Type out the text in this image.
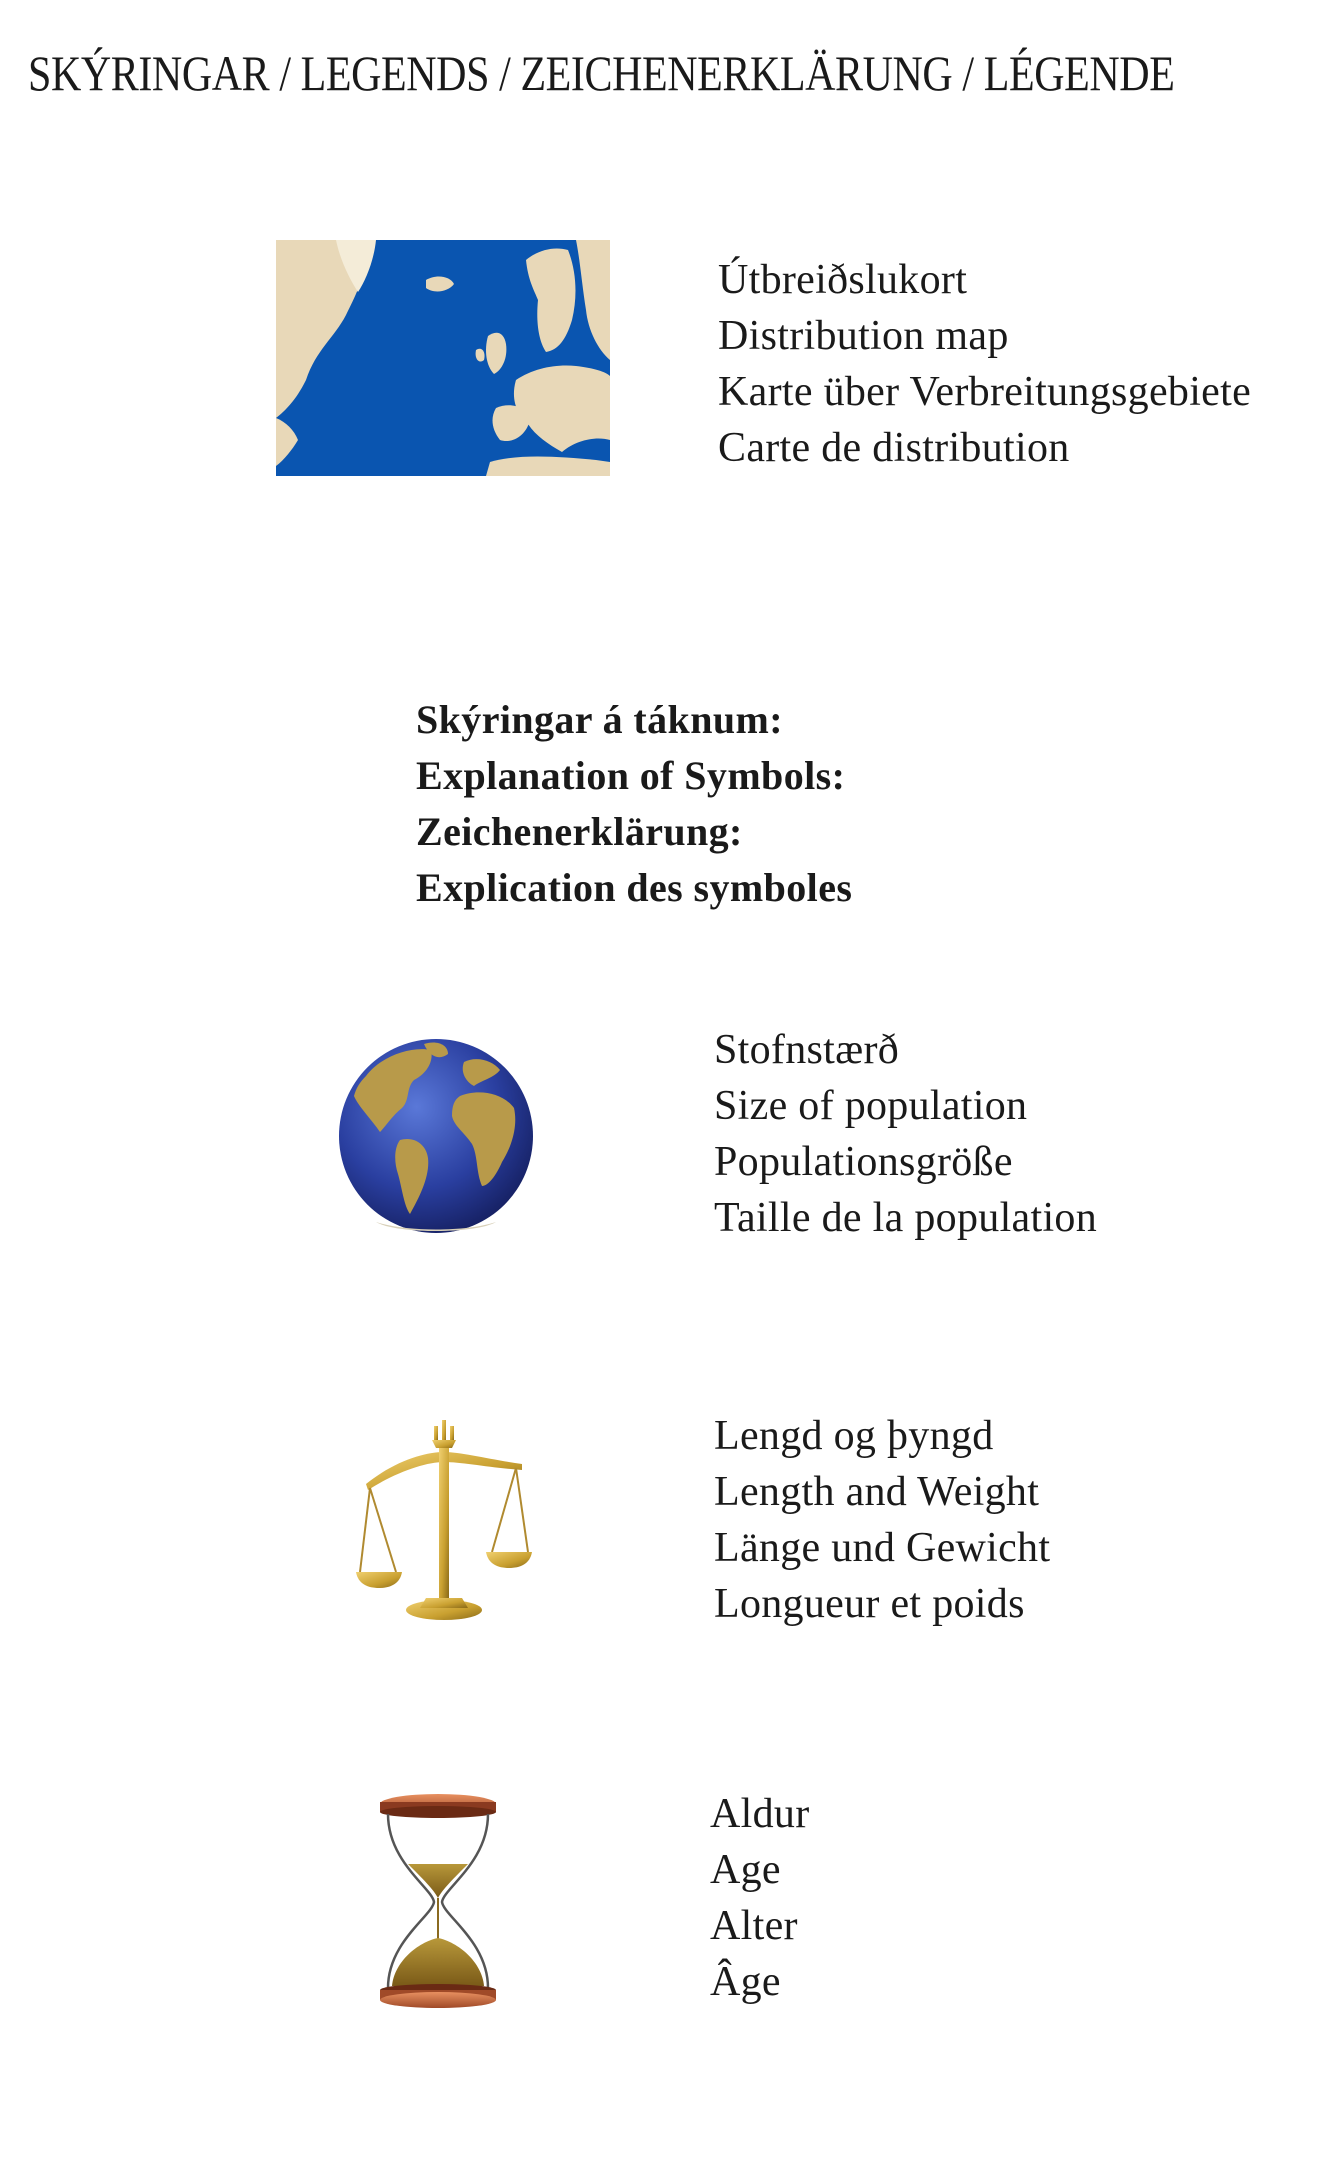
SKÝRINGAR / LEGENDS / ZEICHENERKLÄRUNG / LÉGENDE
Útbreiðslukort
Distribution map
Karte über Verbreitungsgebiete
Carte de distribution
Skýringar á táknum:
Explanation of Symbols:
Zeichenerklärung:
Explication des symboles
Stofnstærð
Size of population
Populationsgröße
Taille de la population
Lengd og þyngd
Length and Weight
Länge und Gewicht
Longueur et poids
Aldur
Age
Alter
Âge
